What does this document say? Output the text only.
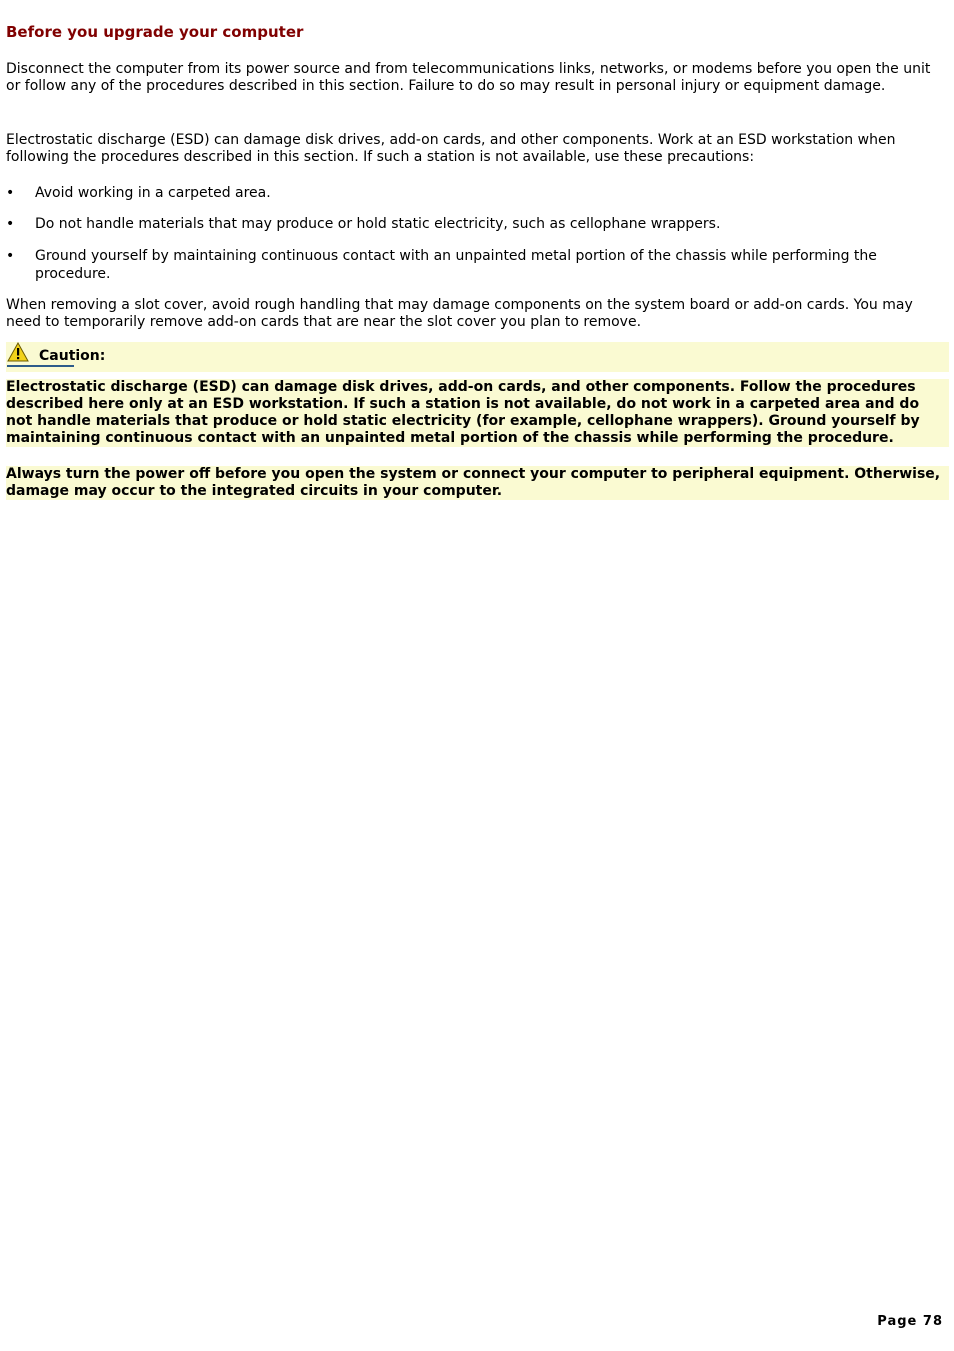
Before you upgrade your computer

Disconnect the computer from its power source and from telecommunications links, networks, or modems before you open the unit or follow any of the procedures described in this section. Failure to do so may result in personal injury or equipment damage.

Electrostatic discharge (ESD) can damage disk drives, add-on cards, and other components. Work at an ESD workstation when following the procedures described in this section. If such a station is not available, use these precautions:

•	Avoid working in a carpeted area.
•	Do not handle materials that may produce or hold static electricity, such as cellophane wrappers.
•	Ground yourself by maintaining continuous contact with an unpainted metal portion of the chassis while performing the procedure.

When removing a slot cover, avoid rough handling that may damage components on the system board or add-on cards. You may need to temporarily remove add-on cards that are near the slot cover you plan to remove.

Caution:

Electrostatic discharge (ESD) can damage disk drives, add-on cards, and other components. Follow the procedures described here only at an ESD workstation. If such a station is not available, do not work in a carpeted area and do not handle materials that produce or hold static electricity (for example, cellophane wrappers). Ground yourself by maintaining continuous contact with an unpainted metal portion of the chassis while performing the procedure.

Always turn the power off before you open the system or connect your computer to peripheral equipment. Otherwise, damage may occur to the integrated circuits in your computer.

Page 78
